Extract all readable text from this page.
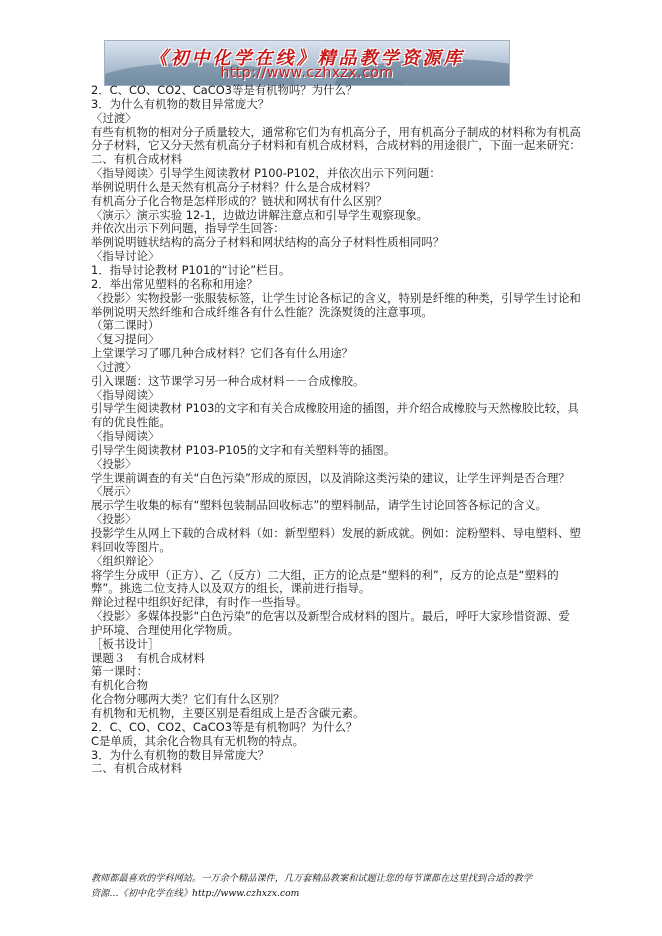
《初中化学在线》精品教学资源库
http://www.czhxzx.com
2．C、CO、CO2、CaCO3等是有机物吗？为什么？
3．为什么有机物的数目异常庞大？
〈过渡〉
有些有机物的相对分子质量较大，通常称它们为有机高分子，用有机高分子制成的材料称为有机高分子材料，它又分天然有机高分子材料和有机合成材料，合成材料的用途很广，下面一起来研究：二、有机合成材料
〈指导阅读〉引导学生阅读教材 P100-P102，并依次出示下列问题：
举例说明什么是天然有机高分子材料？什么是合成材料？
有机高分子化合物是怎样形成的？链状和网状有什么区别？
〈演示〉演示实验 12-1，边做边讲解注意点和引导学生观察现象。
并依次出示下列问题，指导学生回答：
举例说明链状结构的高分子材料和网状结构的高分子材料性质相同吗？
〈指导讨论〉
1．指导讨论教材 P101的“讨论”栏目。
2．举出常见塑料的名称和用途？
〈投影〉实物投影一张服装标签，让学生讨论各标记的含义，特别是纤维的种类，引导学生讨论和举例说明天然纤维和合成纤维各有什么性能？洗涤熨烫的注意事项。
（第二课时）
〈复习提问〉
上堂课学习了哪几种合成材料？它们各有什么用途？
〈过渡〉
引入课题：这节课学习另一种合成材料－－合成橡胶。
〈指导阅读〉
引导学生阅读教材 P103的文字和有关合成橡胶用途的插图，并介绍合成橡胶与天然橡胶比较，具有的优良性能。
〈指导阅读〉
引导学生阅读教材 P103-P105的文字和有关塑料等的插图。
〈投影〉
学生课前调查的有关“白色污染”形成的原因，以及消除这类污染的建议，让学生评判是否合理？
〈展示〉
展示学生收集的标有“塑料包装制品回收标志”的塑料制品，请学生讨论回答各标记的含义。
〈投影〉
投影学生从网上下载的合成材料（如：新型塑料）发展的新成就。例如：淀粉塑料、导电塑料、塑料回收等图片。
〈组织辩论〉
将学生分成甲（正方）、乙（反方）二大组，正方的论点是“塑料的利”，反方的论点是“塑料的弊”。挑选二位支持人以及双方的组长，课前进行指导。
辩论过程中组织好纪律，有时作一些指导。
〈投影〉多媒体投影“白色污染”的危害以及新型合成材料的图片。最后，呼吁大家珍惜资源、爱护环境、合理使用化学物质。
［板书设计］
课题３　有机合成材料
第一课时：
有机化合物
化合物分哪两大类？它们有什么区别？
有机物和无机物，主要区别是看组成上是否含碳元素。
2．C、CO、CO2、CaCO3等是有机物吗？为什么？
C是单质，其余化合物具有无机物的特点。
3．为什么有机物的数目异常庞大？
二、有机合成材料
教师都最喜欢的学科网站。一万余个精品课件，几万套精品教案和试题让您的每节课都在这里找到合适的教学
资源…《初中化学在线》http://www.czhxzx.com
